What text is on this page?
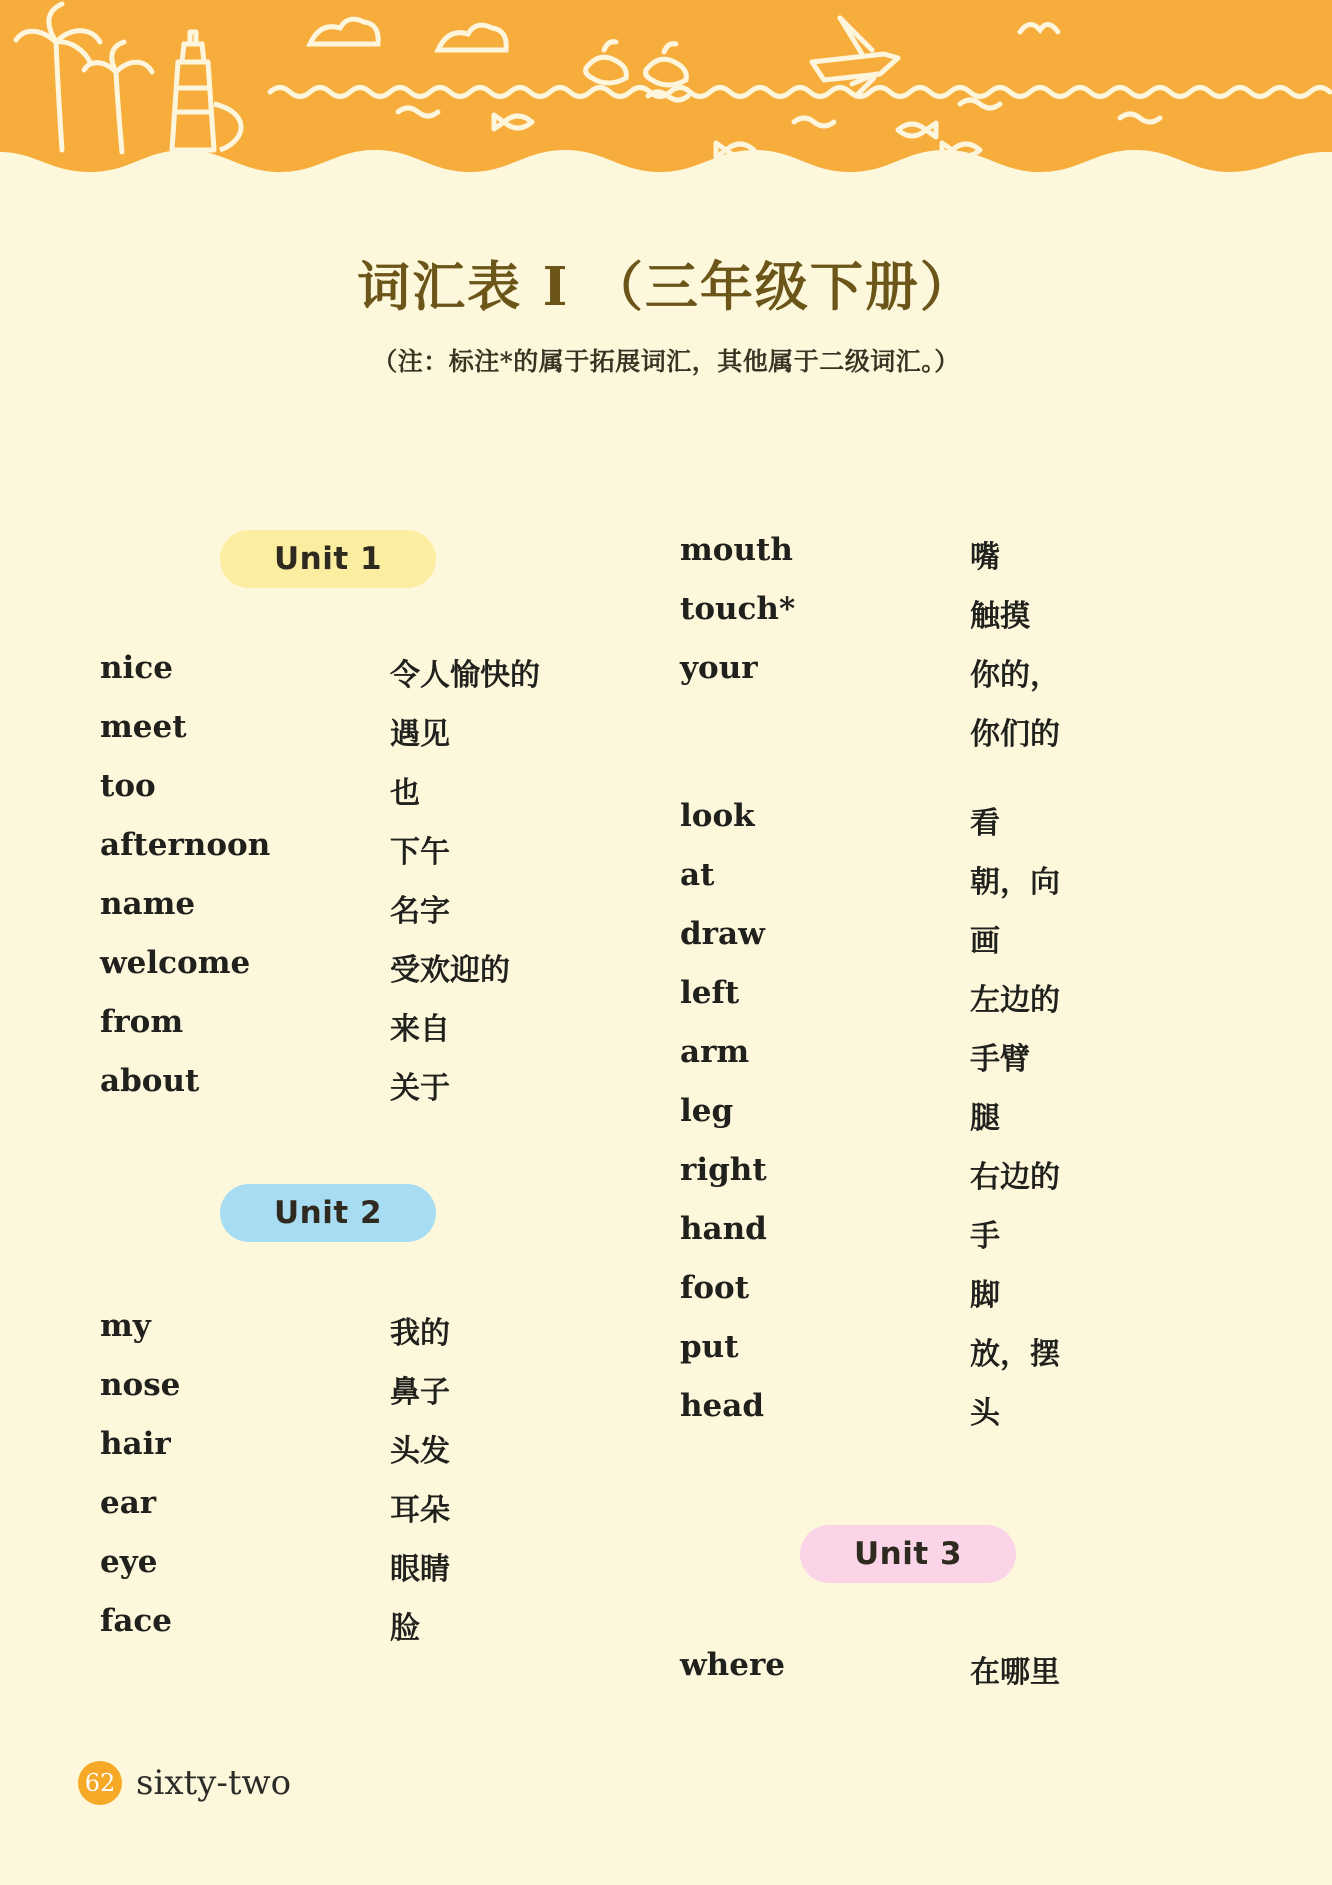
词汇表 Ⅰ （三年级下册）
（注：标注*的属于拓展词汇，其他属于二级词汇。）
Unit 1
nice	令人愉快的
meet	遇见
too	也
afternoon	下午
name	名字
welcome	受欢迎的
from	来自
about	关于
Unit 2
my	我的
nose	鼻子
hair	头发
ear	耳朵
eye	眼睛
face	脸
mouth	嘴
touch*	触摸
your	你的，
你们的
look	看
at	朝，向
draw	画
left	左边的
arm	手臂
leg	腿
right	右边的
hand	手
foot	脚
put	放，摆
head	头
Unit 3
where	在哪里
62 sixty-two
